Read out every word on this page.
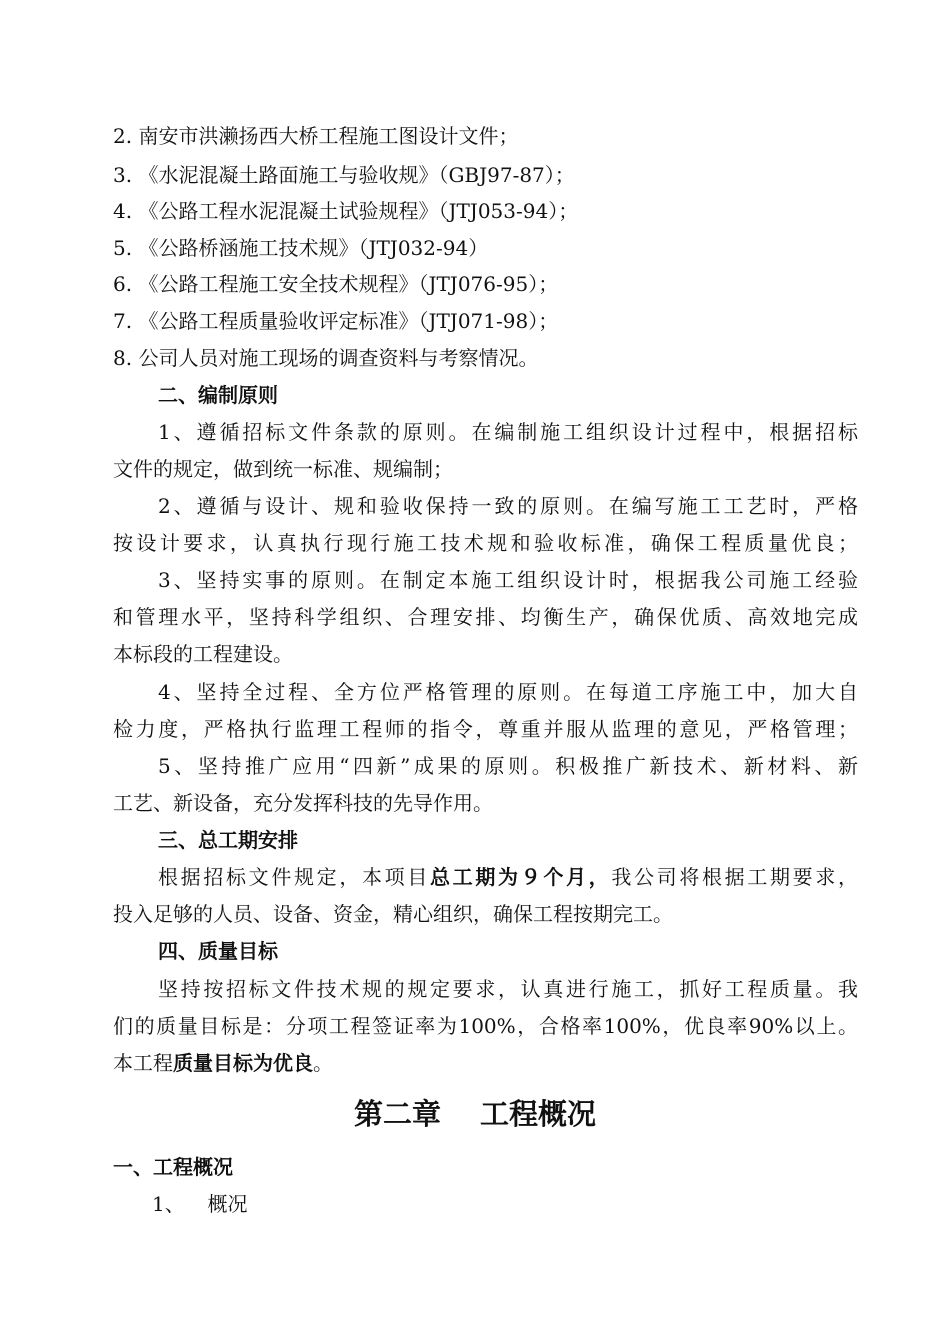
2. 南安市洪濑扬西大桥工程施工图设计文件；
3. 《水泥混凝土路面施工与验收规》（GBJ97-87）；
4. 《公路工程水泥混凝土试验规程》（JTJ053-94）；
5. 《公路桥涵施工技术规》（JTJ032-94）
6. 《公路工程施工安全技术规程》（JTJ076-95）；
7. 《公路工程质量验收评定标准》（JTJ071-98）；
8. 公司人员对施工现场的调查资料与考察情况。
二、编制原则
1、遵循招标文件条款的原则。在编制施工组织设计过程中，根据招标
文件的规定，做到统一标准、规编制；
2、遵循与设计、规和验收保持一致的原则。在编写施工工艺时，严格
按设计要求，认真执行现行施工技术规和验收标准，确保工程质量优良；
3、坚持实事的原则。在制定本施工组织设计时，根据我公司施工经验
和管理水平，坚持科学组织、合理安排、均衡生产，确保优质、高效地完成
本标段的工程建设。
4、坚持全过程、全方位严格管理的原则。在每道工序施工中，加大自
检力度，严格执行监理工程师的指令，尊重并服从监理的意见，严格管理；
5、坚持推广应用“四新”成果的原则。积极推广新技术、新材料、新
工艺、新设备，充分发挥科技的先导作用。
三、总工期安排
根据招标文件规定，本项目总工期为９个月，我公司将根据工期要求，
投入足够的人员、设备、资金，精心组织，确保工程按期完工。
四、质量目标
坚持按招标文件技术规的规定要求，认真进行施工，抓好工程质量。我
们的质量目标是：分项工程签证率为100%，合格率100%，优良率90%以上。
本工程质量目标为优良。
第二章　 工程概况
一、工程概况
1、　  概况
